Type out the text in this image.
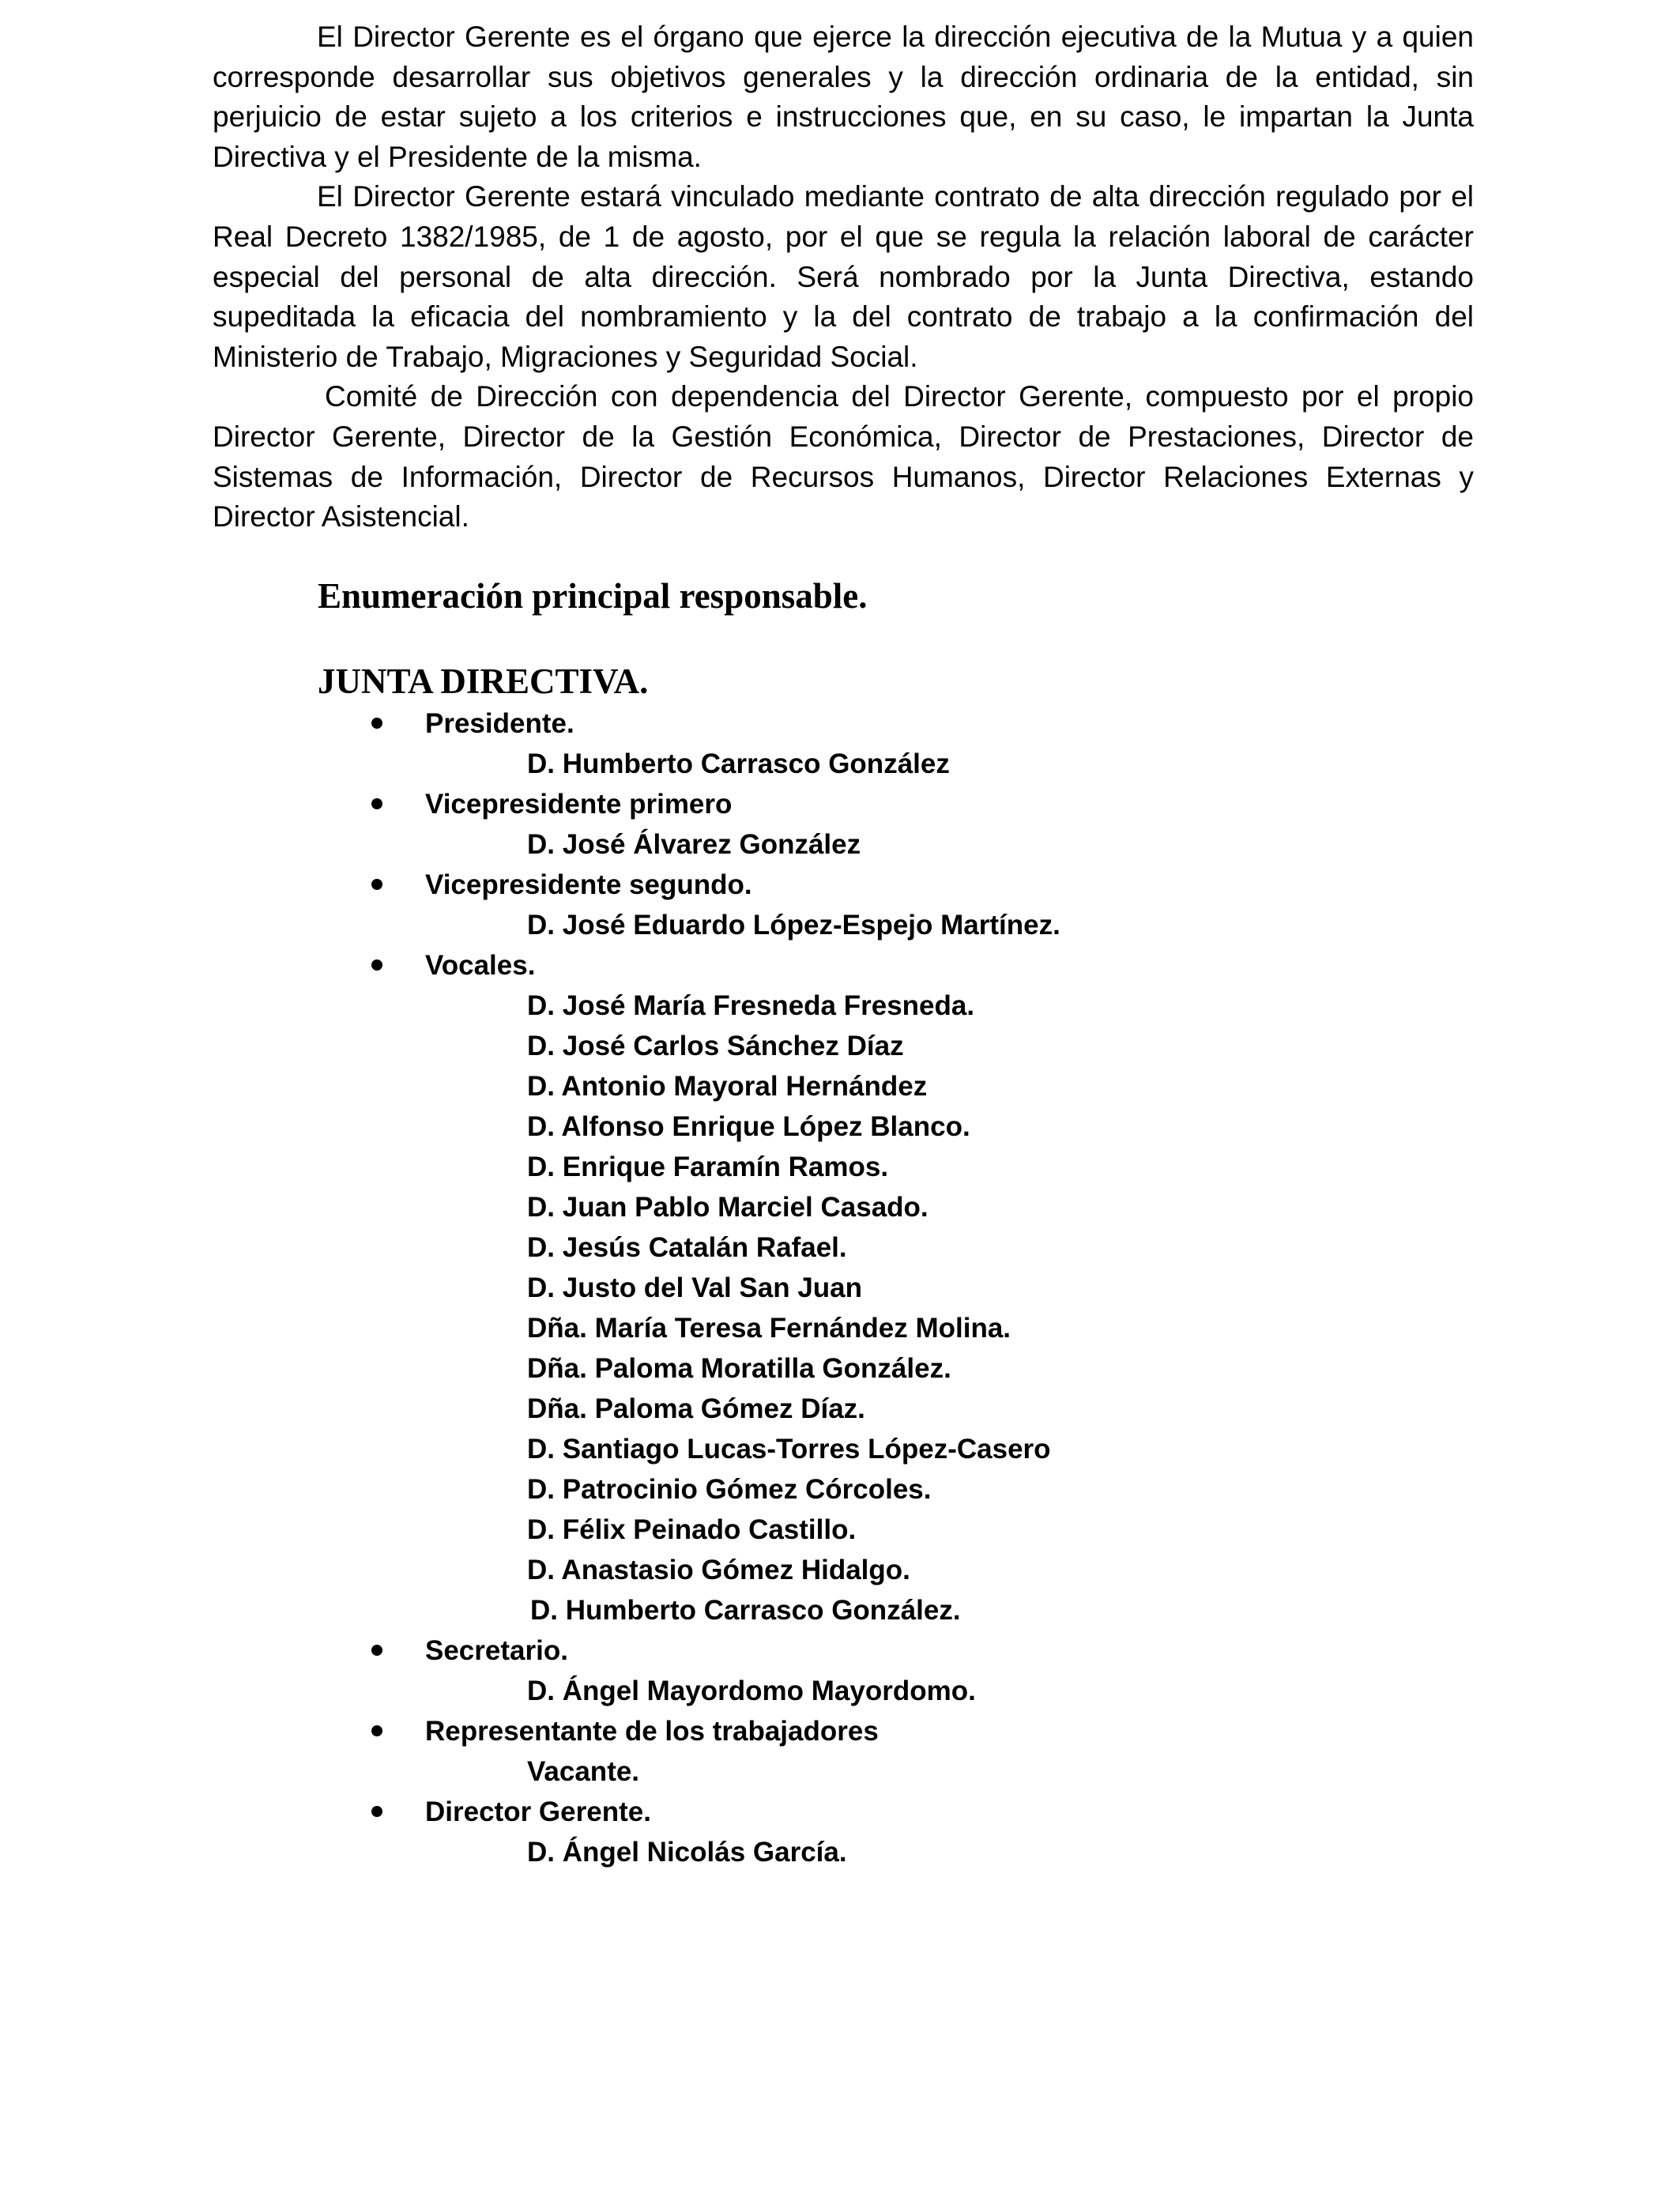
El Director Gerente es el órgano que ejerce la dirección ejecutiva de la Mutua y a quien corresponde desarrollar sus objetivos generales y la dirección ordinaria de la entidad, sin perjuicio de estar sujeto a los criterios e instrucciones que, en su caso, le impartan la Junta Directiva y el Presidente de la misma.

El Director Gerente estará vinculado mediante contrato de alta dirección regulado por el Real Decreto 1382/1985, de 1 de agosto, por el que se regula la relación laboral de carácter especial del personal de alta dirección. Será nombrado por la Junta Directiva, estando supeditada la eficacia del nombramiento y la del contrato de trabajo a la confirmación del Ministerio de Trabajo, Migraciones y Seguridad Social.

Comité de Dirección con dependencia del Director Gerente, compuesto por el propio Director Gerente, Director de la Gestión Económica, Director de Prestaciones, Director de Sistemas de Información, Director de Recursos Humanos, Director Relaciones Externas y Director Asistencial.

Enumeración principal responsable.
JUNTA DIRECTIVA.
Presidente.
D. Humberto Carrasco González
Vicepresidente primero
D. José Álvarez González
Vicepresidente segundo.
D. José Eduardo López-Espejo Martínez.
Vocales.
D. José María Fresneda Fresneda.
D. José Carlos Sánchez Díaz
D. Antonio Mayoral Hernández
D. Alfonso Enrique López Blanco.
D. Enrique Faramín Ramos.
D. Juan Pablo Marciel Casado.
D. Jesús Catalán Rafael.
D. Justo del Val San Juan
Dña. María Teresa Fernández Molina.
Dña. Paloma Moratilla González.
Dña. Paloma Gómez Díaz.
D. Santiago Lucas-Torres López-Casero
D. Patrocinio Gómez Córcoles.
D. Félix Peinado Castillo.
D. Anastasio Gómez Hidalgo.
D. Humberto Carrasco González.
Secretario.
D. Ángel Mayordomo Mayordomo.
Representante de los trabajadores
Vacante.
Director Gerente.
D. Ángel Nicolás García.
